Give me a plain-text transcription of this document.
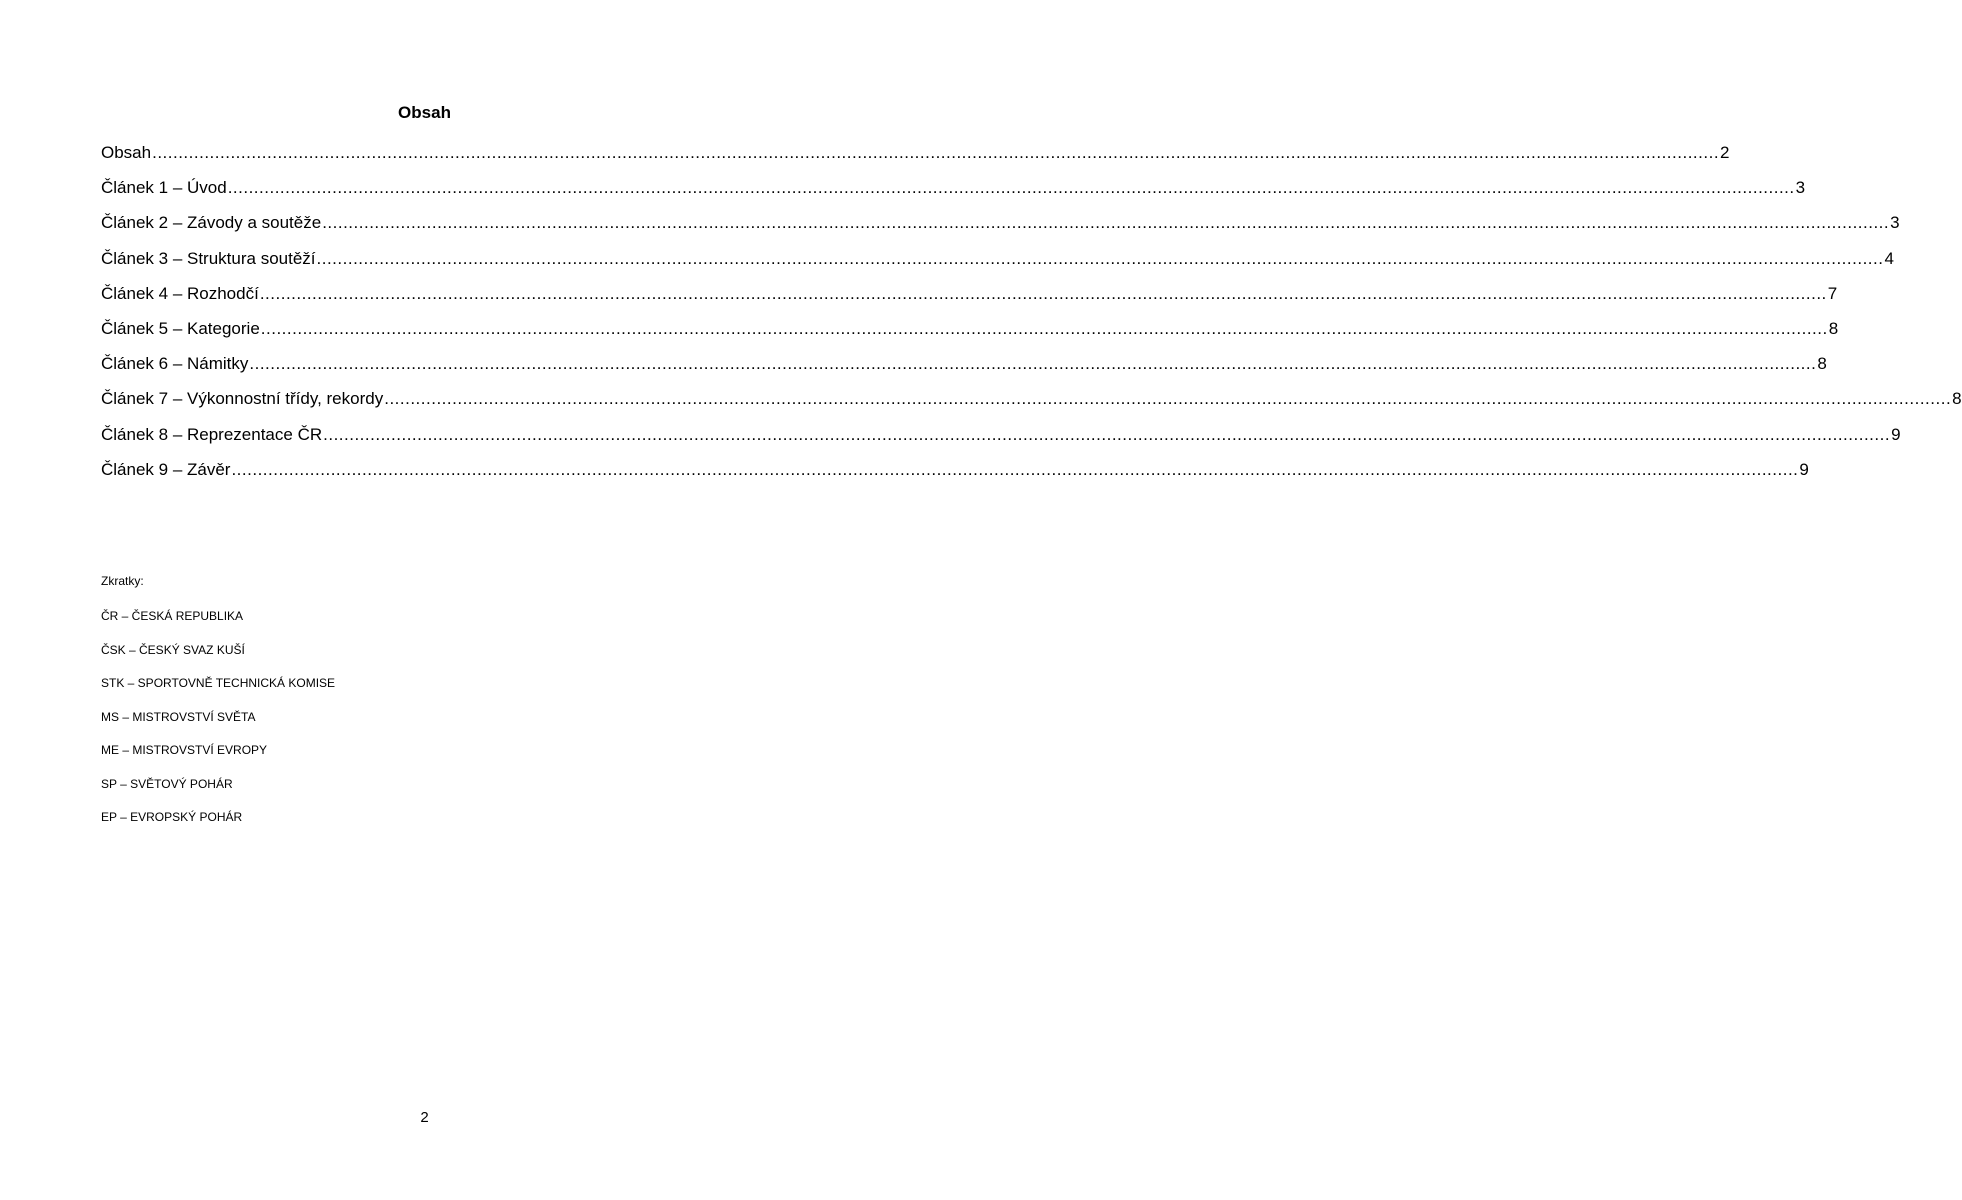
Obsah
Obsah ............................................................................................................................................................................................................................................................................................................ 2
Článek 1 – Úvod ............................................................................................................................................................................................................................................................................................................ 3
Článek 2 – Závody a soutěže ............................................................................................................................................................................................................................................................................................................ 3
Článek 3 – Struktura soutěží ............................................................................................................................................................................................................................................................................................................ 4
Článek 4 – Rozhodčí ............................................................................................................................................................................................................................................................................................................ 7
Článek 5 – Kategorie ............................................................................................................................................................................................................................................................................................................ 8
Článek 6 – Námitky ............................................................................................................................................................................................................................................................................................................ 8
Článek 7 – Výkonnostní třídy, rekordy ............................................................................................................................................................................................................................................................................................................ 8
Článek 8 – Reprezentace ČR ............................................................................................................................................................................................................................................................................................................ 9
Článek 9 – Závěr ............................................................................................................................................................................................................................................................................................................ 9
Zkratky:
ČR – ČESKÁ REPUBLIKA
ČSK – ČESKÝ SVAZ KUŠÍ
STK – SPORTOVNĚ TECHNICKÁ KOMISE
MS – MISTROVSTVÍ SVĚTA
ME – MISTROVSTVÍ EVROPY
SP – SVĚTOVÝ POHÁR
EP – EVROPSKÝ POHÁR
2
